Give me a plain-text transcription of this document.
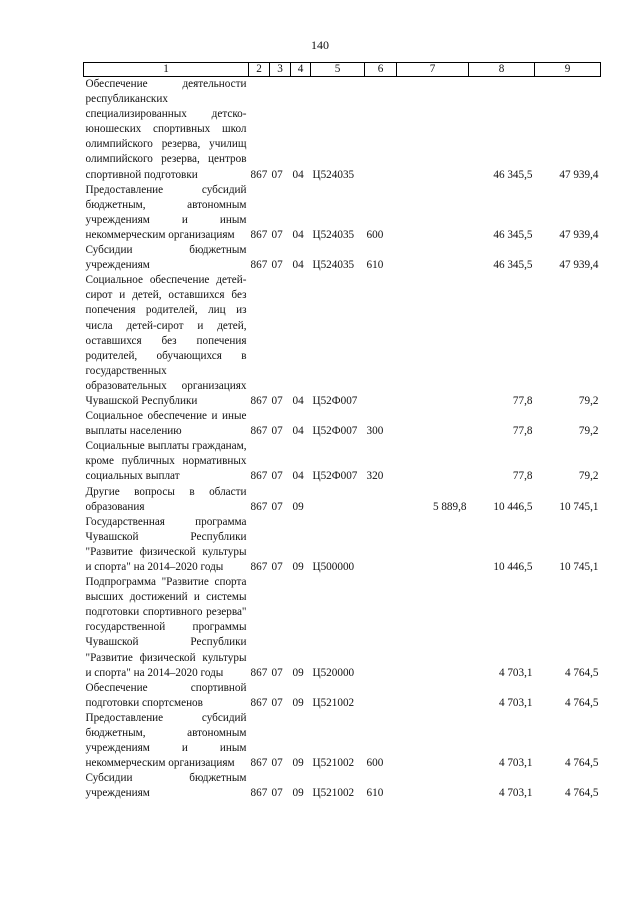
140
1	2	3	4	5	6	7	8	9
Обеспечение деятельности республиканских специализированных детско-юношеских спортивных школ олимпийского резерва, училищ олимпийского резерва, центров спортивной подготовки	867	07	04	Ц524035			46 345,5	47 939,4
Предоставление субсидий бюджетным, автономным учреждениям и иным некоммерческим организациям	867	07	04	Ц524035	600		46 345,5	47 939,4
Субсидии бюджетным учреждениям	867	07	04	Ц524035	610		46 345,5	47 939,4
Социальное обеспечение детей-сирот и детей, оставшихся без попечения родителей, лиц из числа детей-сирот и детей, оставшихся без попечения родителей, обучающихся в государственных образовательных организациях Чувашской Республики	867	07	04	Ц52Ф007			77,8	79,2
Социальное обеспечение и иные выплаты населению	867	07	04	Ц52Ф007	300		77,8	79,2
Социальные выплаты гражданам, кроме публичных нормативных социальных выплат	867	07	04	Ц52Ф007	320		77,8	79,2
Другие вопросы в области образования	867	07	09			5 889,8	10 446,5	10 745,1
Государственная программа Чувашской Республики "Развитие физической культуры и спорта" на 2014–2020 годы	867	07	09	Ц500000			10 446,5	10 745,1
Подпрограмма "Развитие спорта высших достижений и системы подготовки спортивного резерва" государственной программы Чувашской Республики "Развитие физической культуры и спорта" на 2014–2020 годы	867	07	09	Ц520000			4 703,1	4 764,5
Обеспечение спортивной подготовки спортсменов	867	07	09	Ц521002			4 703,1	4 764,5
Предоставление субсидий бюджетным, автономным учреждениям и иным некоммерческим организациям	867	07	09	Ц521002	600		4 703,1	4 764,5
Субсидии бюджетным учреждениям	867	07	09	Ц521002	610		4 703,1	4 764,5
